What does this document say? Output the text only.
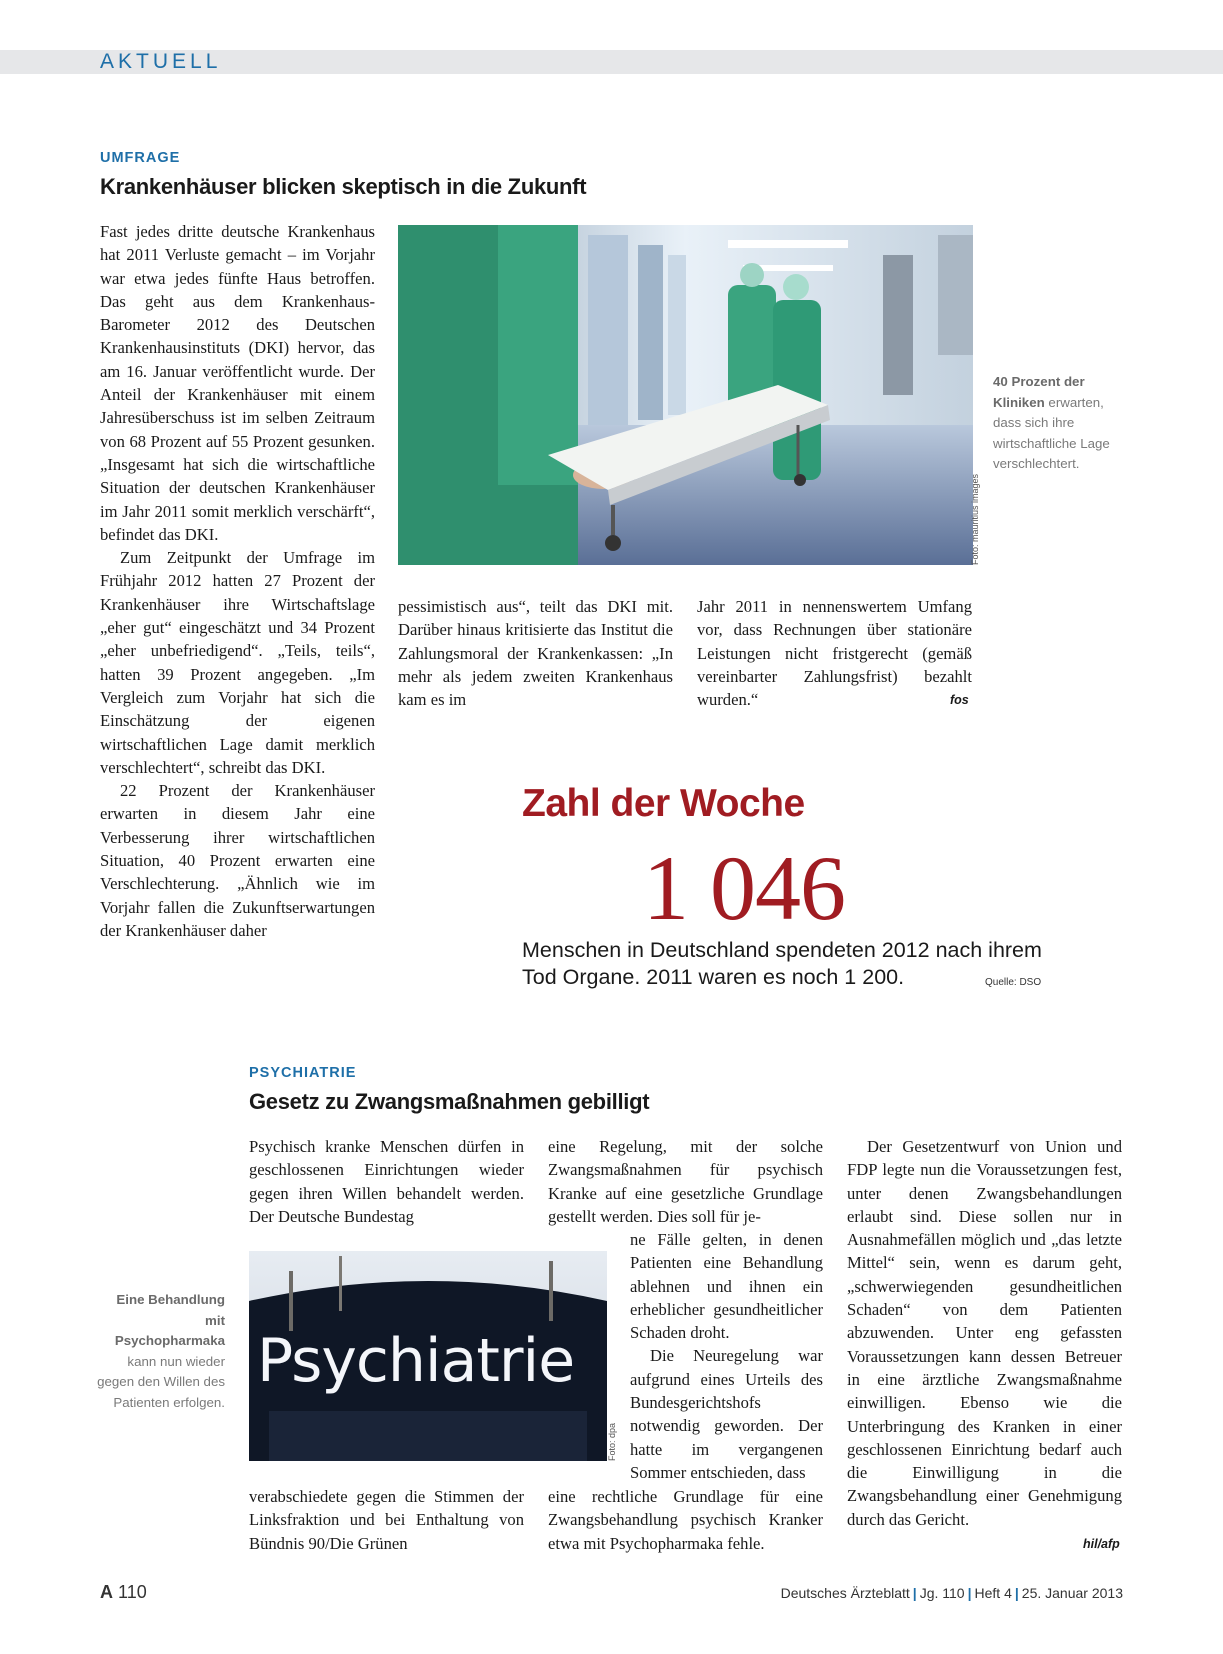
AKTUELL
UMFRAGE
Krankenhäuser blicken skeptisch in die Zukunft

Fast jedes dritte deutsche Krankenhaus hat 2011 Verluste gemacht – im Vorjahr war etwa jedes fünfte Haus betroffen. Das geht aus dem Krankenhaus-Barometer 2012 des Deutschen Krankenhausinstituts (DKI) hervor, das am 16. Januar veröffentlicht wurde. Der Anteil der Krankenhäuser mit einem Jahresüberschuss ist im selben Zeitraum von 68 Prozent auf 55 Prozent gesunken. „Insgesamt hat sich die wirtschaftliche Situation der deutschen Krankenhäuser im Jahr 2011 somit merklich verschärft“, befindet das DKI.

Zum Zeitpunkt der Umfrage im Frühjahr 2012 hatten 27 Prozent der Krankenhäuser ihre Wirtschaftslage „eher gut“ eingeschätzt und 34 Prozent „eher unbefriedigend“. „Teils, teils“, hatten 39 Prozent angegeben. „Im Vergleich zum Vorjahr hat sich die Einschätzung der eigenen wirtschaftlichen Lage damit merklich verschlechtert“, schreibt das DKI.

22 Prozent der Krankenhäuser erwarten in diesem Jahr eine Verbesserung ihrer wirtschaftlichen Situation, 40 Prozent erwarten eine Verschlechterung. „Ähnlich wie im Vorjahr fallen die Zukunftserwartungen der Krankenhäuser daher

Foto: mauritius images
40 Prozent der Kliniken erwarten, dass sich ihre wirtschaftliche Lage verschlechtert.

pessimistisch aus“, teilt das DKI mit. Darüber hinaus kritisierte das Institut die Zahlungsmoral der Krankenkassen: „In mehr als jedem zweiten Krankenhaus kam es im

Jahr 2011 in nennenswertem Umfang vor, dass Rechnungen über stationäre Leistungen nicht fristgerecht (gemäß vereinbarter Zahlungsfrist) bezahlt wurden.“	fos
Zahl der Woche
1 046
Menschen in Deutschland spendeten 2012 nach ihrem Tod Organe. 2011 waren es noch 1 200.	Quelle: DSO
PSYCHIATRIE
Gesetz zu Zwangsmaßnahmen gebilligt

Psychisch kranke Menschen dürfen in geschlossenen Einrichtungen wieder gegen ihren Willen behandelt werden. Der Deutsche Bundestag

Psychiatrie
Foto: dpa
Eine Behandlung mit Psychopharmaka kann nun wieder gegen den Willen des Patienten erfolgen.

verabschiedete gegen die Stimmen der Linksfraktion und bei Enthaltung von Bündnis 90/Die Grünen

eine Regelung, mit der solche Zwangsmaßnahmen für psychisch Kranke auf eine gesetzliche Grundlage gestellt werden. Dies soll für je-

ne Fälle gelten, in denen Patienten eine Behandlung ablehnen und ihnen ein erheblicher gesundheitlicher Schaden droht.

Die Neuregelung war aufgrund eines Urteils des Bundesgerichtshofs notwendig geworden. Der hatte im vergangenen Sommer entschieden, dass

eine rechtliche Grundlage für eine Zwangsbehandlung psychisch Kranker etwa mit Psychopharmaka fehle.

Der Gesetzentwurf von Union und FDP legte nun die Voraussetzungen fest, unter denen Zwangsbehandlungen erlaubt sind. Diese sollen nur in Ausnahmefällen möglich und „das letzte Mittel“ sein, wenn es darum geht, „schwerwiegenden gesundheitlichen Schaden“ von dem Patienten abzuwenden. Unter eng gefassten Voraussetzungen kann dessen Betreuer in eine ärztliche Zwangsmaßnahme einwilligen. Ebenso wie die Unterbringung des Kranken in einer geschlossenen Einrichtung bedarf auch die Einwilligung in die Zwangsbehandlung einer Genehmigung durch das Gericht.

hil/afp
A 110	Deutsches Ärzteblatt | Jg. 110 | Heft 4 | 25. Januar 2013
